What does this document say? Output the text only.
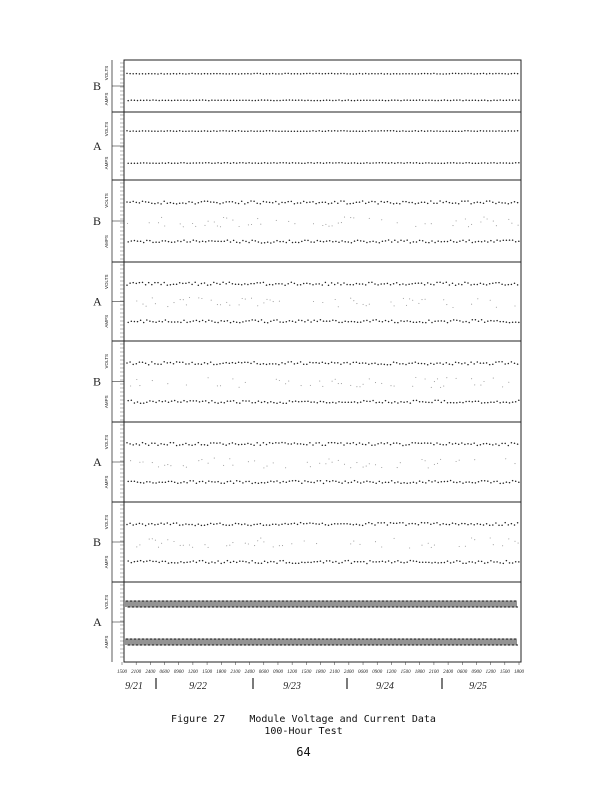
B
VOLTS
AMPS
A
VOLTS
AMPS
B
VOLTS
AMPS
A
VOLTS
AMPS
B
VOLTS
AMPS
A
VOLTS
AMPS
B
VOLTS
AMPS
A
VOLTS
AMPS
1500 2100 2400 0600 0900 1200 1500 1800 2100 2400 0600 0900 1200 1500 1800 2100 2400 0600 0900 1200 1500 1800 2100 2400 0600 0900 1200 1500 1800
9/21	9/22	9/23	9/24	9/25
Figure 27    Module Voltage and Current Data
100-Hour Test
64
